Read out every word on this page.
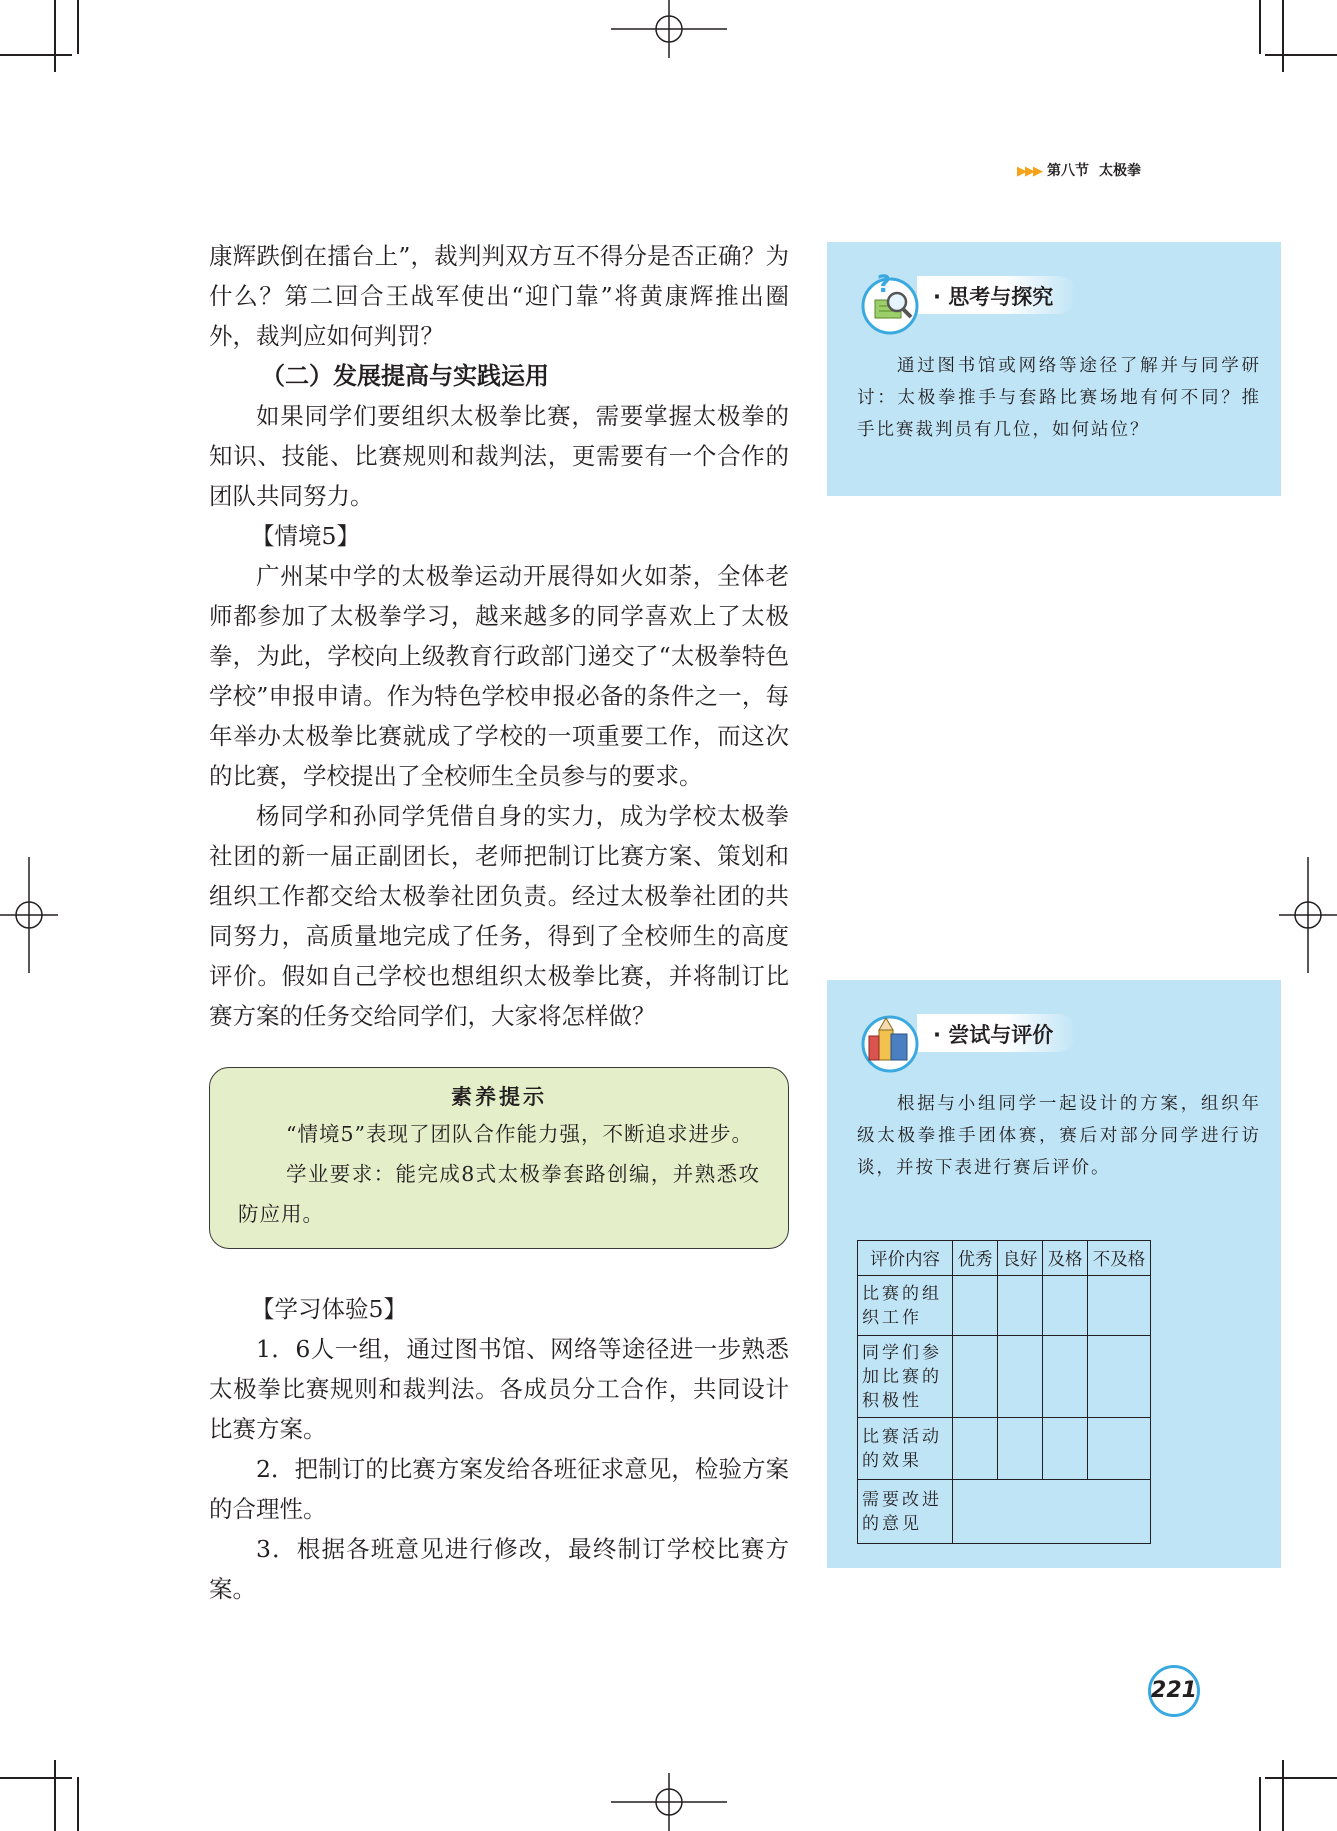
▶▶▶ 第八节 太极拳

康辉跌倒在擂台上”，裁判判双方互不得分是否正确？为什么？第二回合王战军使出“迎门靠”将黄康辉推出圈外，裁判应如何判罚？

（二）发展提高与实践运用

如果同学们要组织太极拳比赛，需要掌握太极拳的知识、技能、比赛规则和裁判法，更需要有一个合作的团队共同努力。

【情境5】

广州某中学的太极拳运动开展得如火如荼，全体老师都参加了太极拳学习，越来越多的同学喜欢上了太极拳，为此，学校向上级教育行政部门递交了“太极拳特色学校”申报申请。作为特色学校申报必备的条件之一，每年举办太极拳比赛就成了学校的一项重要工作，而这次的比赛，学校提出了全校师生全员参与的要求。

杨同学和孙同学凭借自身的实力，成为学校太极拳社团的新一届正副团长，老师把制订比赛方案、策划和组织工作都交给太极拳社团负责。经过太极拳社团的共同努力，高质量地完成了任务，得到了全校师生的高度评价。假如自己学校也想组织太极拳比赛，并将制订比赛方案的任务交给同学们，大家将怎样做？

素养提示

“情境5”表现了团队合作能力强，不断追求进步。

学业要求：能完成8式太极拳套路创编，并熟悉攻防应用。

【学习体验5】

1．6人一组，通过图书馆、网络等途径进一步熟悉太极拳比赛规则和裁判法。各成员分工合作，共同设计比赛方案。

2．把制订的比赛方案发给各班征求意见，检验方案的合理性。

3．根据各班意见进行修改，最终制订学校比赛方案。

· 思考与探究
?

通过图书馆或网络等途径了解并与同学研讨：太极拳推手与套路比赛场地有何不同？推手比赛裁判员有几位，如何站位？

· 尝试与评价

根据与小组同学一起设计的方案，组织年级太极拳推手团体赛，赛后对部分同学进行访谈，并按下表进行赛后评价。

评价内容	优秀	良好	及格	不及格
比赛的组织工作				
同学们参加比赛的积极性				
比赛活动的效果				
需要改进的意见				
221
